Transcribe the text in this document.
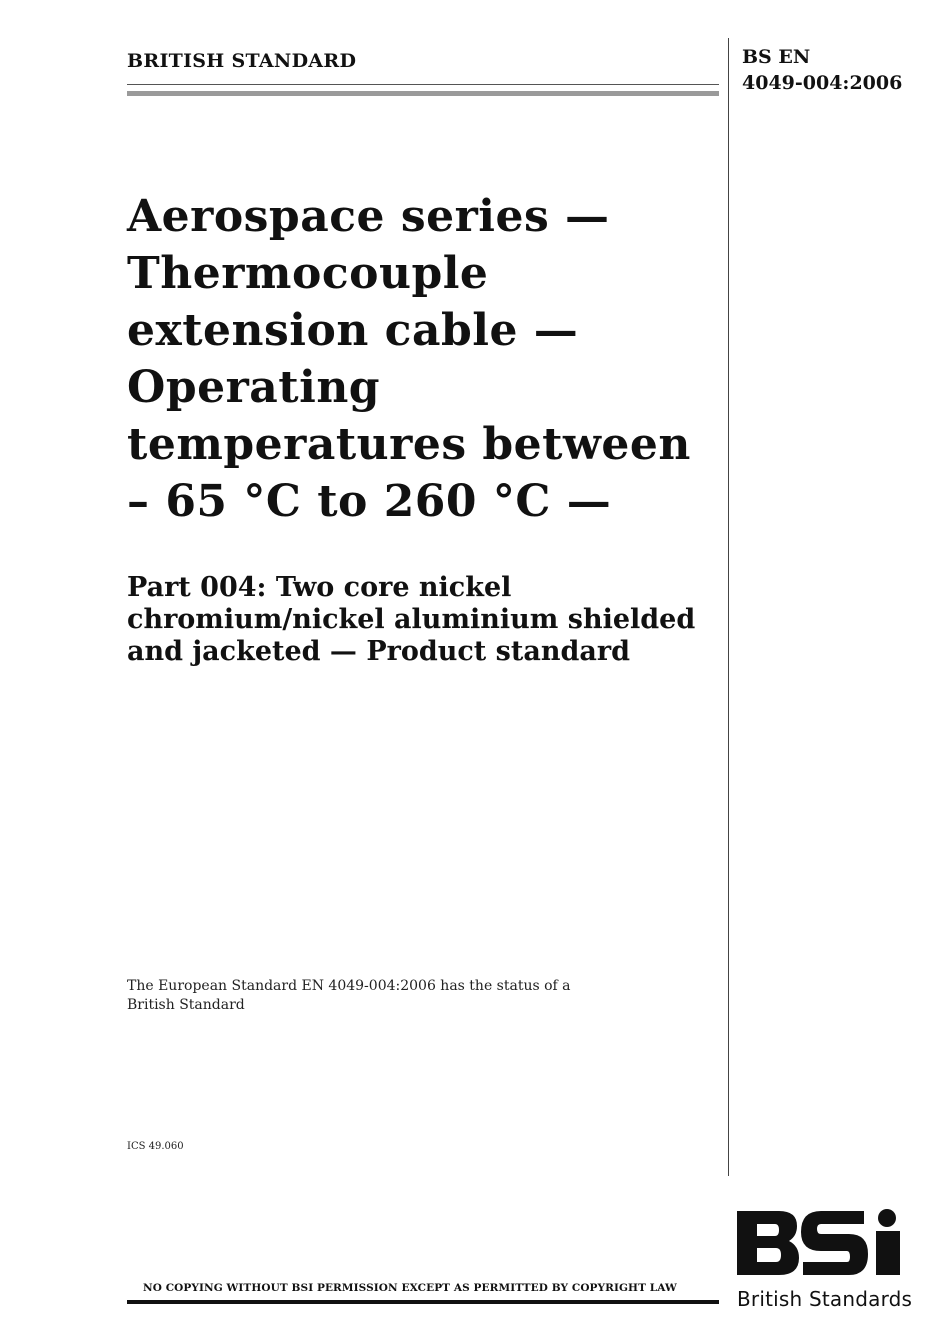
BRITISH STANDARD	BS EN
4049-004:2006
Aerospace series —
Thermocouple
extension cable —
Operating
temperatures between
– 65 °C to 260 °C —
Part 004: Two core nickel
chromium/nickel aluminium shielded
and jacketed — Product standard
The European Standard EN 4049-004:2006 has the status of a
British Standard
ICS 49.060
NO COPYING WITHOUT BSI PERMISSION EXCEPT AS PERMITTED BY COPYRIGHT LAW	British Standards
